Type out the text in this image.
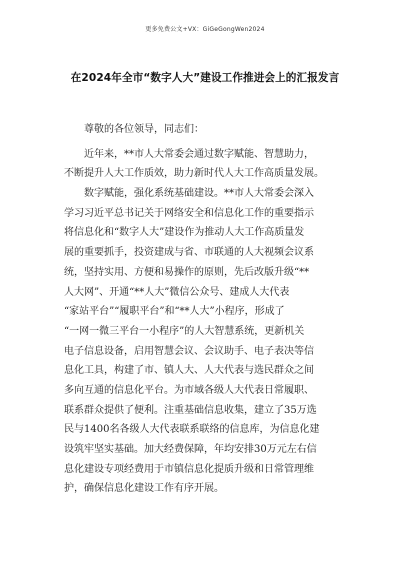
更多免费公文+VX：GiGeGongWen2024
在2024年全市“数字人大”建设工作推进会上的汇报发言
尊敬的各位领导，同志们：
近年来，**市人大常委会通过数字赋能、智慧助力，
不断提升人大工作质效，助力新时代人大工作高质量发展。
数字赋能，强化系统基础建设。**市人大常委会深入
学习习近平总书记关于网络安全和信息化工作的重要指示
将信息化和“数字人大”建设作为推动人大工作高质量发
展的重要抓手，投资建成与省、市联通的人大视频会议系
统，坚持实用、方便和易操作的原则，先后改版升级“**
人大网”、开通“**人大”微信公众号、建成人大代表
“家站平台”“履职平台”和“**人大”小程序，形成了
“一网一微三平台一小程序”的人大智慧系统，更新机关
电子信息设备，启用智慧会议、会议助手、电子表决等信
息化工具，构建了市、镇人大、人大代表与选民群众之间
多向互通的信息化平台。为市域各级人大代表日常履职、
联系群众提供了便利。注重基础信息收集，建立了35万选
民与1400名各级人大代表联系联络的信息库，为信息化建
设筑牢坚实基础。加大经费保障，年均安排30万元左右信
息化建设专项经费用于市镇信息化提质升级和日常管理维
护，确保信息化建设工作有序开展。
